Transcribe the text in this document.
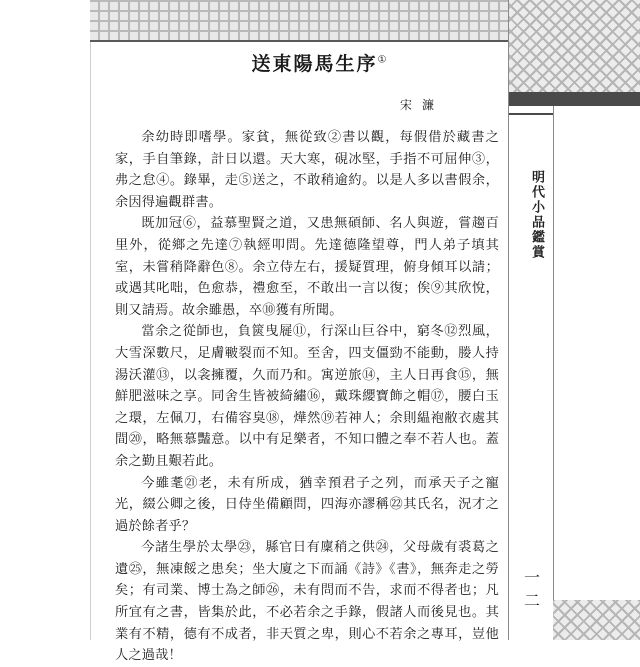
明代小品鑑賞
一二
送東陽馬生序①
宋濂

余幼時即嗜學。家貧，無從致②書以觀，每假借於藏書之家，手自筆錄，計日以還。天大寒，硯冰堅，手指不可屈伸③，弗之怠④。錄畢，走⑤送之，不敢稍逾約。以是人多以書假余，余因得遍觀群書。

既加冠⑥，益慕聖賢之道，又患無碩師、名人與遊，嘗趨百里外，從鄉之先達⑦執經叩問。先達德隆望尊，門人弟子填其室，未嘗稍降辭色⑧。余立侍左右，援疑質理，俯身傾耳以請；或遇其叱咄，色愈恭，禮愈至，不敢出一言以復；俟⑨其欣悅，則又請焉。故余雖愚，卒⑩獲有所聞。

當余之從師也，負篋曳屣⑪，行深山巨谷中，窮冬⑫烈風，大雪深數尺，足膚皸裂而不知。至舍，四支僵勁不能動，媵人持湯沃灌⑬，以衾擁覆，久而乃和。寓逆旅⑭，主人日再食⑮，無鮮肥滋味之享。同舍生皆被綺繡⑯，戴珠纓寶飾之帽⑰，腰白玉之環，左佩刀，右備容臭⑱，燁然⑲若神人；余則緼袍敝衣處其間⑳，略無慕豔意。以中有足樂者，不知口體之奉不若人也。蓋余之勤且艱若此。

今雖耄㉑老，未有所成，猶幸預君子之列，而承天子之寵光，綴公卿之後，日侍坐備顧問，四海亦謬稱㉒其氏名，況才之過於餘者乎？

今諸生學於太學㉓，縣官日有廩稍之供㉔，父母歲有裘葛之遺㉕，無凍餒之患矣；坐大廈之下而誦《詩》《書》，無奔走之勞矣；有司業、博士為之師㉖，未有問而不告，求而不得者也；凡所宜有之書，皆集於此，不必若余之手錄，假諸人而後見也。其業有不精，德有不成者，非天質之卑，則心不若余之專耳，豈他人之過哉！
